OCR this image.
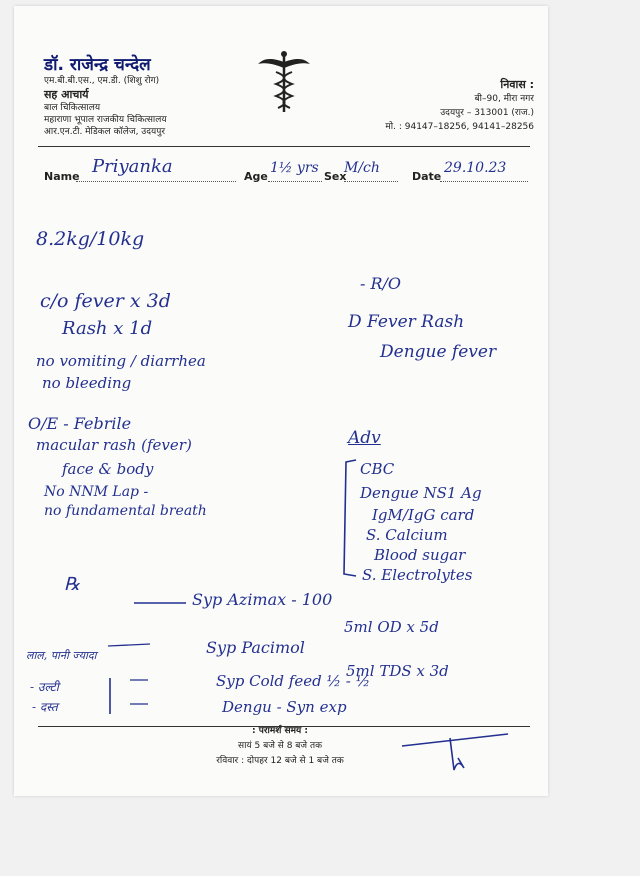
डॉ. राजेन्द्र चन्देल
एम.बी.बी.एस., एम.डी. (शिशु रोग)
सह आचार्य
बाल चिकित्सालय
महाराणा भूपाल राजकीय चिकित्सालय
आर.एन.टी. मेडिकल कॉलेज, उदयपुर
निवास :
बी–90, मीरा नगर
उदयपुर – 313001 (राज.)
मो. : 94147–18256, 94141–28256
Name Priyanka	Age
1½ yrs
Sex
M/ch
Date
29.10.23
8.2kg/10kg
c/o fever x 3d
Rash x 1d
no vomiting / diarrhea
no bleeding
O/E - Febrile
macular rash (fever)
face & body
No NNM Lap -
no fundamental breath
- R/O
D Fever Rash
Dengue fever
Adv
CBC
Dengue NS1 Ag
IgM/IgG card
S. Calcium
Blood sugar
S. Electrolytes
℞
Syp Azimax - 100
5ml OD x 5d
Syp Pacimol
5ml TDS x 3d
Syp Cold feed ½ - ½
Dengu - Syn exp
लाल, पानी ज्यादा
- उल्टी
- दस्त
: परामर्श समय :
सायं 5 बजे से 8 बजे तक
रविवार : दोपहर 12 बजे से 1 बजे तक
